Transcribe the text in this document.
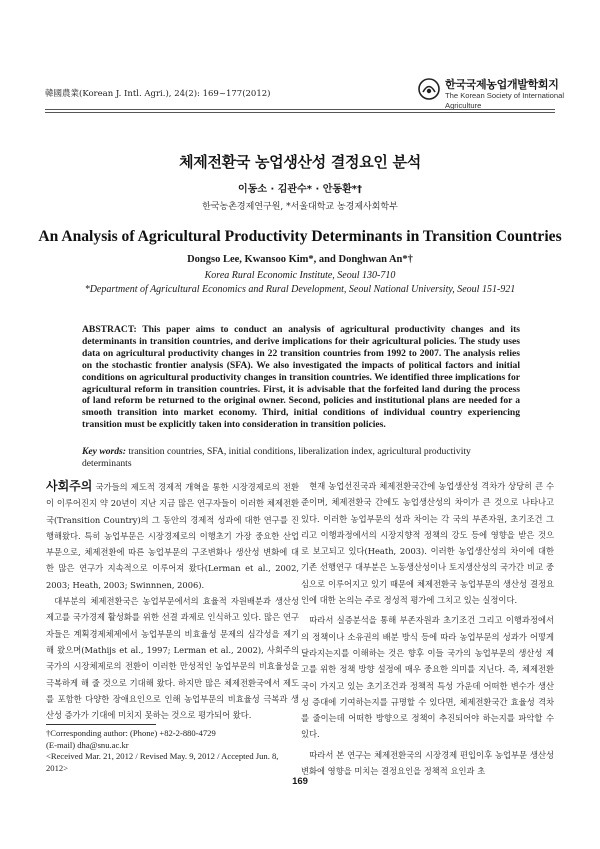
韓國農業(Korean J. Intl. Agri.), 24(2): 169~177(2012)
한국국제농업개발학회지
The Korean Society of International Agriculture
체제전환국 농업생산성 결정요인 분석
이동소 · 김관수* · 안동환*†
한국농촌경제연구원, *서울대학교 농경제사회학부
An Analysis of Agricultural Productivity Determinants in Transition Countries
Dongso Lee, Kwansoo Kim*, and Donghwan An*†
Korea Rural Economic Institute, Seoul 130-710
*Department of Agricultural Economics and Rural Development, Seoul National University, Seoul 151-921
ABSTRACT: This paper aims to conduct an analysis of agricultural productivity changes and its determinants in transition countries, and derive implications for their agricultural policies. The study uses data on agricultural productivity changes in 22 transition countries from 1992 to 2007. The analysis relies on the stochastic frontier analysis (SFA). We also investigated the impacts of political factors and initial conditions on agricultural productivity changes in transition countries. We identified three implications for agricultural reform in transition countries. First, it is advisable that the forfeited land during the process of land reform be returned to the original owner. Second, policies and institutional plans are needed for a smooth transition into market economy. Third, initial conditions of individual country experiencing transition must be explicitly taken into consideration in transition policies.
Key words: transition countries, SFA, initial conditions, liberalization index, agricultural productivity determinants

사회주의 국가들의 제도적 경제적 개혁을 통한 시장경제로의 전환이 이루어진지 약 20년이 지난 지금 많은 연구자들이 이러한 체제전환국(Transition Country)의 그 동안의 경제적 성과에 대한 연구를 진행해왔다. 특히 농업부문은 시장경제로의 이행초기 가장 중요한 산업부문으로, 체제전환에 따른 농업부문의 구조변화나 생산성 변화에 대한 많은 연구가 지속적으로 이루어져 왔다(Lerman et al., 2002, 2003; Heath, 2003; Swinnnen, 2006).

대부분의 체제전환국은 농업부문에서의 효율적 자원배분과 생산성 제고를 국가경제 활성화를 위한 선결 과제로 인식하고 있다. 많은 연구자들은 계획경제체제에서 농업부문의 비효율성 문제의 심각성을 제기해 왔으며(Mathijs et al., 1997; Lerman et al., 2002), 사회주의국가의 시장체제로의 전환이 이러한 만성적인 농업부문의 비효율성을 극복하게 해 줄 것으로 기대해 왔다. 하지만 많은 체제전환국에서 제도를 포함한 다양한 장애요인으로 인해 농업부문의 비효율성 극복과 생산성 증가가 기대에 미치지 못하는 것으로 평가되어 왔다.

현재 농업선진국과 체제전환국간에 농업생산성 격차가 상당히 큰 수준이며, 체제전환국 간에도 농업생산성의 차이가 큰 것으로 나타나고 있다. 이러한 농업부문의 성과 차이는 각 국의 부존자원, 초기조건 그리고 이행과정에서의 시장지향적 정책의 강도 등에 영향을 받은 것으로 보고되고 있다(Heath, 2003). 이러한 농업생산성의 차이에 대한 기존 선행연구 대부분은 노동생산성이나 토지생산성의 국가간 비교 중심으로 이루어지고 있기 때문에 체제전환국 농업부문의 생산성 결정요인에 대한 논의는 주로 정성적 평가에 그치고 있는 실정이다.

따라서 실증분석을 통해 부존자원과 초기조건 그리고 이행과정에서의 정책이나 소유권의 배분 방식 등에 따라 농업부문의 성과가 어떻게 달라지는지를 이해하는 것은 향후 이들 국가의 농업부문의 생산성 제고를 위한 정책 방향 설정에 매우 중요한 의미를 지닌다. 즉, 체제전환국이 가지고 있는 초기조건과 정책적 특성 가운데 어떠한 변수가 생산성 증대에 기여하는지를 규명할 수 있다면, 체제전환국간 효율성 격차를 줄이는데 어떠한 방향으로 정책이 추진되어야 하는지를 파악할 수 있다.

따라서 본 연구는 체제전환국의 시장경제 편입이후 농업부문 생산성 변화에 영향을 미치는 결정요인을 정책적 요인과 초

†Corresponding author: (Phone) +82-2-880-4729
(E-mail) dha@snu.ac.kr
<Received Mar. 21, 2012 / Revised May. 9, 2012 / Accepted Jun. 8, 2012>
169
